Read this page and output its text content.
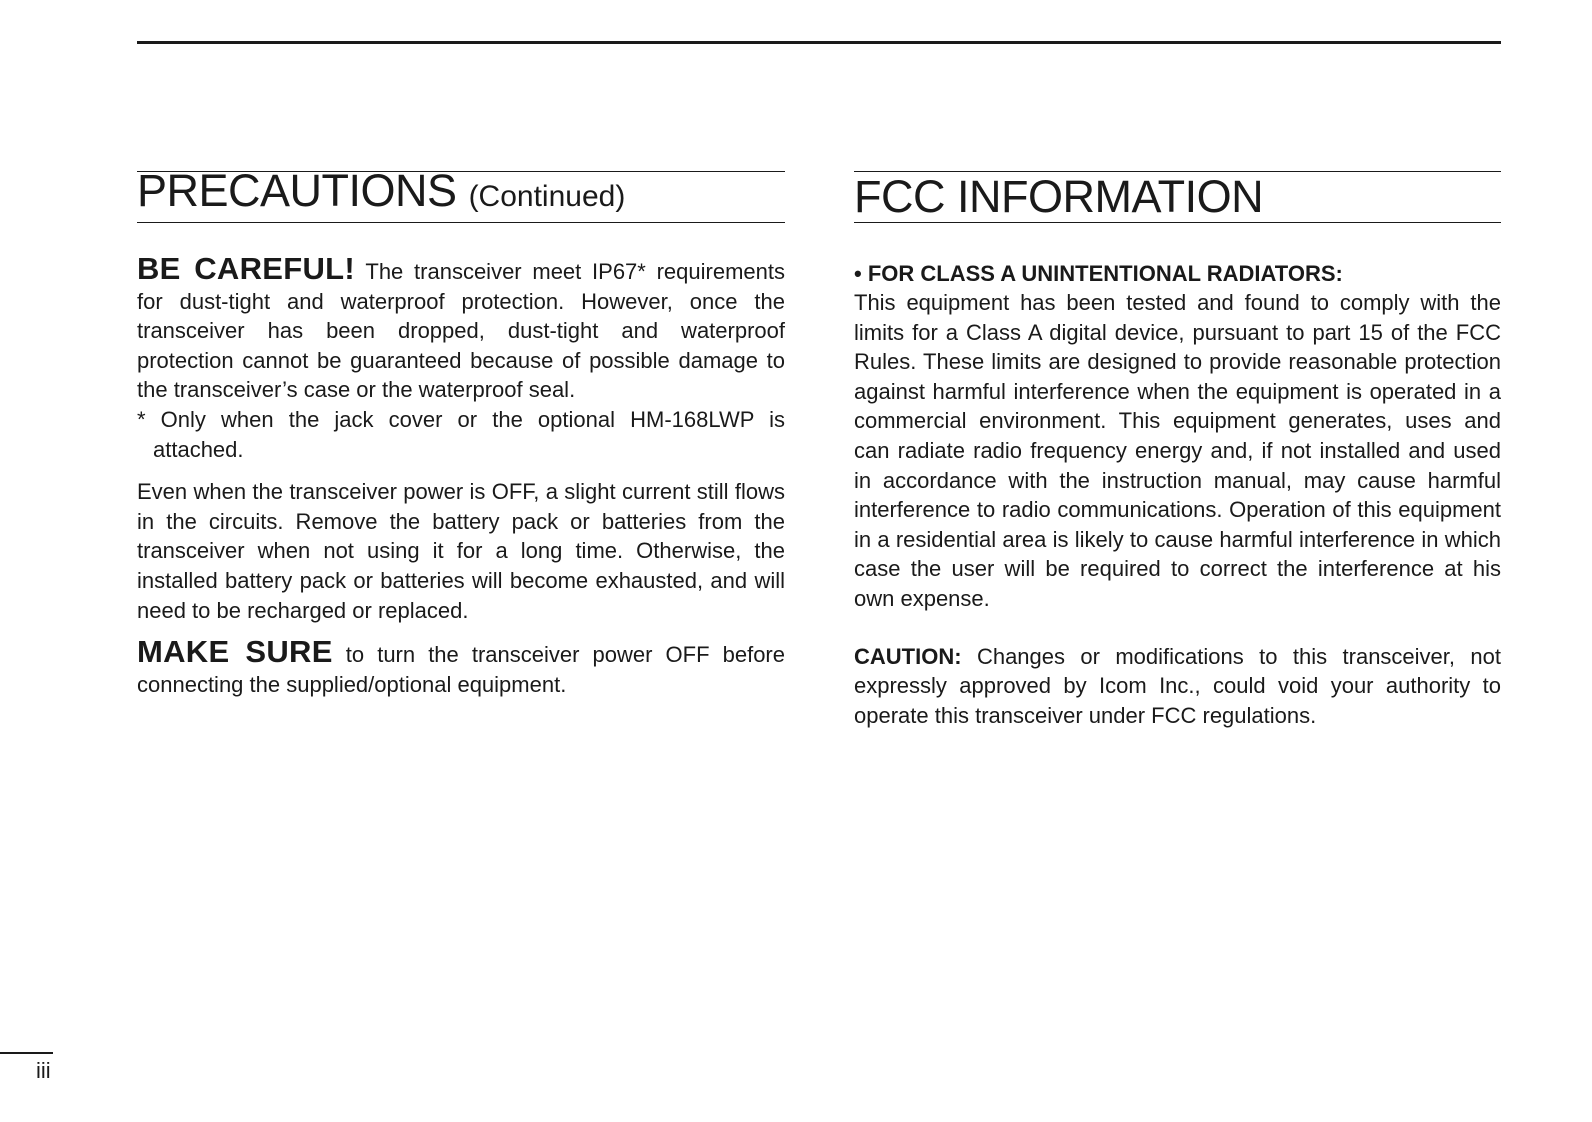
PRECAUTIONS (Continued)

BE CAREFUL! The transceiver meet IP67* requirements for dust-tight and waterproof protection. However, once the transceiver has been dropped, dust-tight and waterproof protection cannot be guaranteed because of possible damage to the transceiver’s case or the waterproof seal.

* Only when the jack cover or the optional HM-168LWP is attached.

Even when the transceiver power is OFF, a slight current still flows in the circuits. Remove the battery pack or batteries from the transceiver when not using it for a long time. Otherwise, the installed battery pack or batteries will become exhausted, and will need to be recharged or replaced.

MAKE SURE to turn the transceiver power OFF before connecting the supplied/optional equipment.

FCC INFORMATION

• FOR CLASS A UNINTENTIONAL RADIATORS:

This equipment has been tested and found to comply with the limits for a Class A digital device, pursuant to part 15 of the FCC Rules. These limits are designed to provide reasonable protection against harmful interference when the equipment is operated in a commercial environment. This equipment generates, uses and can radiate radio frequency energy and, if not installed and used in accordance with the instruction manual, may cause harmful interference to radio communications. Operation of this equipment in a residential area is likely to cause harmful interference in which case the user will be required to correct the interference at his own expense.

CAUTION: Changes or modifications to this transceiver, not expressly approved by Icom Inc., could void your authority to operate this transceiver under FCC regulations.

iii
